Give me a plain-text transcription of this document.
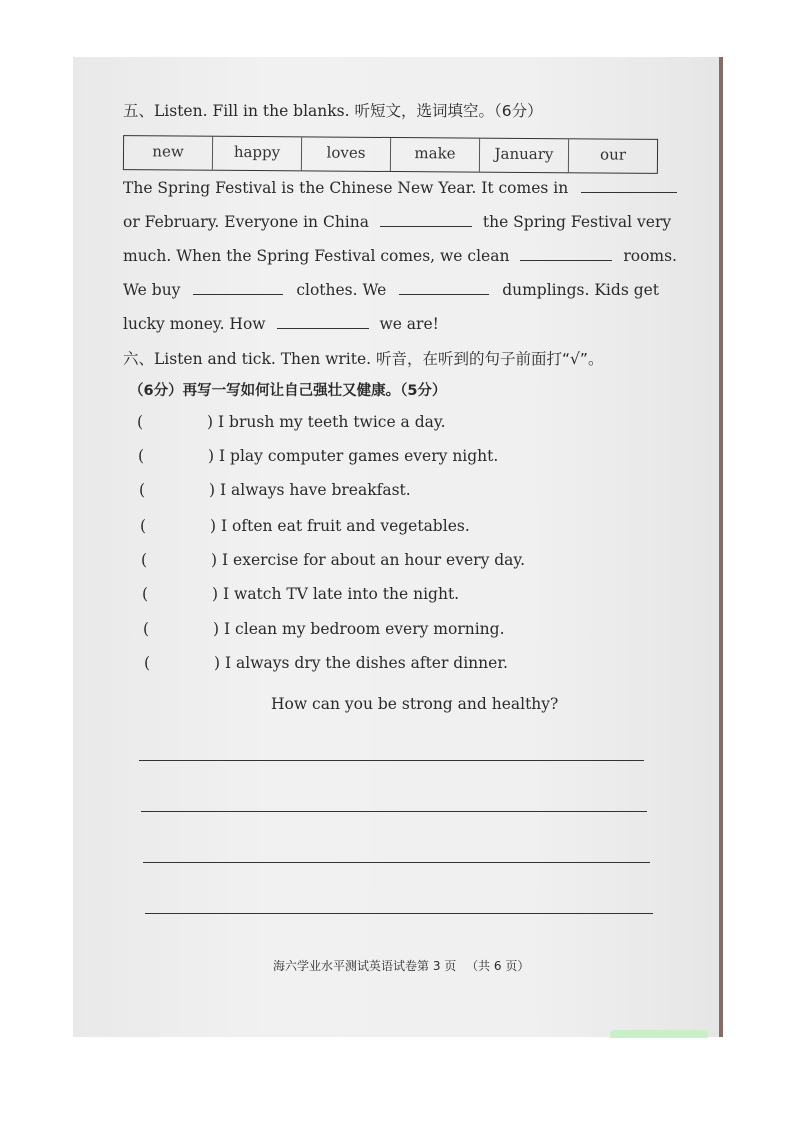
五、Listen. Fill in the blanks. 听短文，选词填空。（6分）
new	happy	loves	make	January	our
The Spring Festival is the Chinese New Year. It comes in
or February. Everyone in China	the Spring Festival very
much. When the Spring Festival comes, we clean	rooms.
We buy	clothes. We	dumplings. Kids get
lucky money. How	we are!
六、Listen and tick. Then write. 听音，在听到的句子前面打“√”。
（6分）再写一写如何让自己强壮又健康。（5分）
(	) I brush my teeth twice a day.
(	) I play computer games every night.
(	) I always have breakfast.
(	) I often eat fruit and vegetables.
(	) I exercise for about an hour every day.
(	) I watch TV late into the night.
(	) I clean my bedroom every morning.
(	) I always dry the dishes after dinner.
How can you be strong and healthy?
海六学业水平测试英语试卷第 3 页 （共 6 页）
